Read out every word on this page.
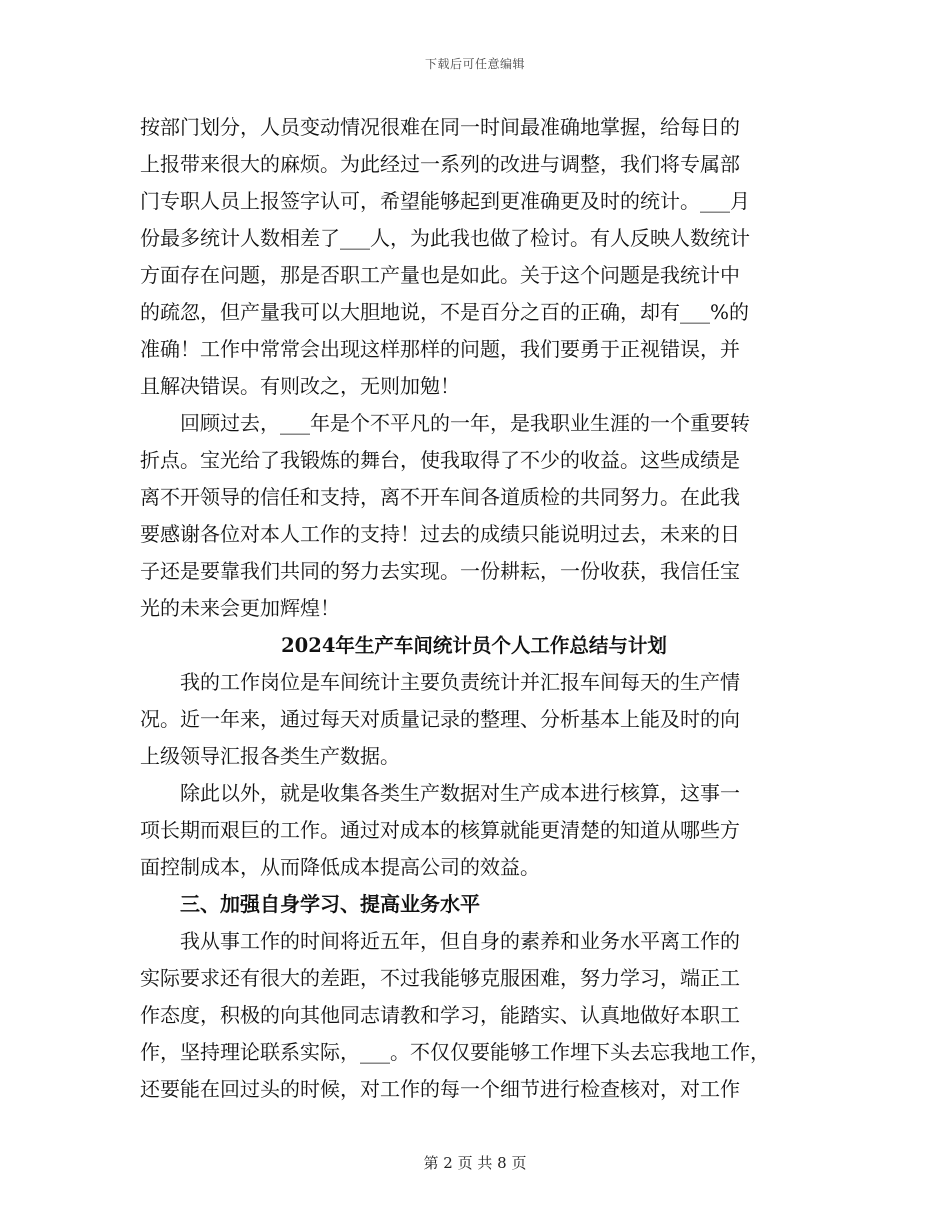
下载后可任意编辑
按部门划分，人员变动情况很难在同一时间最准确地掌握，给每日的
上报带来很大的麻烦。为此经过一系列的改进与调整，我们将专属部
门专职人员上报签字认可，希望能够起到更准确更及时的统计。___月
份最多统计人数相差了___人，为此我也做了检讨。有人反映人数统计
方面存在问题，那是否职工产量也是如此。关于这个问题是我统计中
的疏忽，但产量我可以大胆地说，不是百分之百的正确，却有___%的
准确！工作中常常会出现这样那样的问题，我们要勇于正视错误，并
且解决错误。有则改之，无则加勉！
　　回顾过去，___年是个不平凡的一年，是我职业生涯的一个重要转
折点。宝光给了我锻炼的舞台，使我取得了不少的收益。这些成绩是
离不开领导的信任和支持，离不开车间各道质检的共同努力。在此我
要感谢各位对本人工作的支持！过去的成绩只能说明过去，未来的日
子还是要靠我们共同的努力去实现。一份耕耘，一份收获，我信任宝
光的未来会更加辉煌！
2024年生产车间统计员个人工作总结与计划
　　我的工作岗位是车间统计主要负责统计并汇报车间每天的生产情
况。近一年来，通过每天对质量记录的整理、分析基本上能及时的向
上级领导汇报各类生产数据。
　　除此以外，就是收集各类生产数据对生产成本进行核算，这事一
项长期而艰巨的工作。通过对成本的核算就能更清楚的知道从哪些方
面控制成本，从而降低成本提高公司的效益。
　　三、加强自身学习、提高业务水平
　　我从事工作的时间将近五年，但自身的素养和业务水平离工作的
实际要求还有很大的差距，不过我能够克服困难，努力学习，端正工
作态度，积极的向其他同志请教和学习，能踏实、认真地做好本职工
作，坚持理论联系实际，___。不仅仅要能够工作埋下头去忘我地工作，
还要能在回过头的时候，对工作的每一个细节进行检查核对，对工作
第 2 页 共 8 页
